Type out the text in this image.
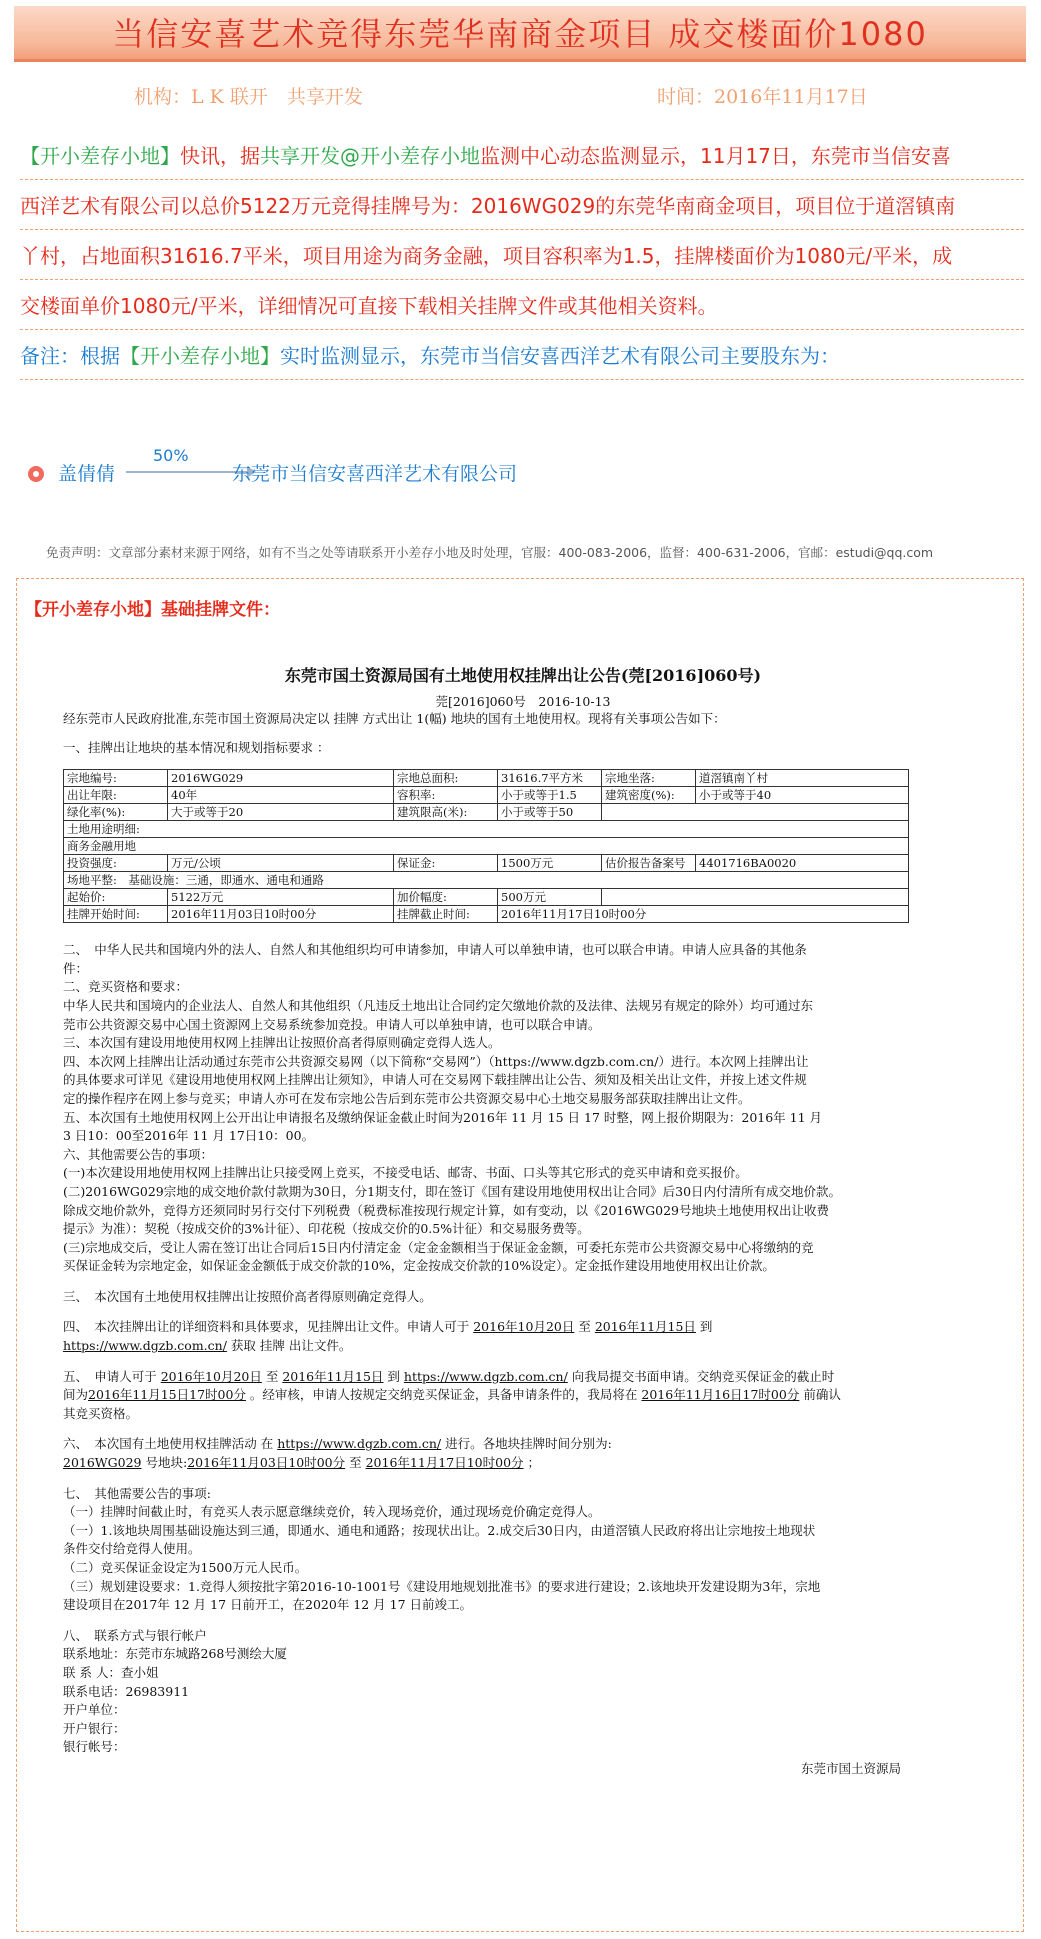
当信安喜艺术竞得东莞华南商金项目 成交楼面价1080
机构：L K 联开　共享开发	时间：2016年11月17日
【开小差存小地】快讯，据共享开发@开小差存小地监测中心动态监测显示，11月17日，东莞市当信安喜
西洋艺术有限公司以总价5122万元竞得挂牌号为：2016WG029的东莞华南商金项目，项目位于道滘镇南
丫村，占地面积31616.7平米，项目用途为商务金融，项目容积率为1.5，挂牌楼面价为1080元/平米，成
交楼面单价1080元/平米，详细情况可直接下载相关挂牌文件或其他相关资料。
备注：根据【开小差存小地】实时监测显示，东莞市当信安喜西洋艺术有限公司主要股东为：
盖倩倩
50%
东莞市当信安喜西洋艺术有限公司
免责声明：文章部分素材来源于网络，如有不当之处等请联系开小差存小地及时处理，官服：400-083-2006，监督：400-631-2006，官邮：estudi@qq.com
【开小差存小地】基础挂牌文件：
东莞市国土资源局国有土地使用权挂牌出让公告(莞[2016]060号)
莞[2016]060号　2016-10-13
经东莞市人民政府批准,东莞市国土资源局决定以 挂牌 方式出让 1(幅) 地块的国有土地使用权。现将有关事项公告如下：
一、挂牌出让地块的基本情况和规划指标要求 ：
宗地编号:	2016WG029	宗地总面积:	31616.7平方米	宗地坐落:	道滘镇南丫村
出让年限:	40年	容积率:	小于或等于1.5	建筑密度(%):	小于或等于40
绿化率(%):	大于或等于20	建筑限高(米):	小于或等于50		
土地用途明细:					
商务金融用地					
投资强度:	万元/公顷	保证金:	1500万元	估价报告备案号	4401716BA0020
场地平整:　基础设施：三通，即通水、通电和通路					
起始价:	5122万元	加价幅度:	500万元		
挂牌开始时间:	2016年11月03日10时00分	挂牌截止时间:	2016年11月17日10时00分		
二、　中华人民共和国境内外的法人、自然人和其他组织均可申请参加，申请人可以单独申请，也可以联合申请。申请人应具备的其他条
件：
二、竞买资格和要求：
中华人民共和国境内的企业法人、自然人和其他组织（凡违反土地出让合同约定欠缴地价款的及法律、法规另有规定的除外）均可通过东
莞市公共资源交易中心国土资源网上交易系统参加竞投。申请人可以单独申请，也可以联合申请。
三、本次国有建设用地使用权网上挂牌出让按照价高者得原则确定竞得人选人。
四、本次网上挂牌出让活动通过东莞市公共资源交易网（以下简称“交易网”）（https://www.dgzb.com.cn/）进行。本次网上挂牌出让
的具体要求可详见《建设用地使用权网上挂牌出让须知》，申请人可在交易网下载挂牌出让公告、须知及相关出让文件，并按上述文件规
定的操作程序在网上参与竞买；申请人亦可在发布宗地公告后到东莞市公共资源交易中心土地交易服务部获取挂牌出让文件。
五、本次国有土地使用权网上公开出让申请报名及缴纳保证金截止时间为2016年 11 月 15 日 17 时整，网上报价期限为：2016年 11 月
3 日10：00至2016年 11 月 17日10：00。
六、其他需要公告的事项：
(一)本次建设用地使用权网上挂牌出让只接受网上竞买，不接受电话、邮寄、书面、口头等其它形式的竞买申请和竞买报价。
(二)2016WG029宗地的成交地价款付款期为30日，分1期支付，即在签订《国有建设用地使用权出让合同》后30日内付清所有成交地价款。
除成交地价款外，竞得方还须同时另行交付下列税费（税费标准按现行规定计算，如有变动，以《2016WG029号地块土地使用权出让收费
提示》为准）：契税（按成交价的3%计征）、印花税（按成交价的0.5%计征）和交易服务费等。
(三)宗地成交后，受让人需在签订出让合同后15日内付清定金（定金金额相当于保证金金额，可委托东莞市公共资源交易中心将缴纳的竞
买保证金转为宗地定金，如保证金金额低于成交价款的10%，定金按成交价款的10%设定）。定金抵作建设用地使用权出让价款。
三、　本次国有土地使用权挂牌出让按照价高者得原则确定竞得人。
四、　本次挂牌出让的详细资料和具体要求，见挂牌出让文件。申请人可于 2016年10月20日 至 2016年11月15日 到
https://www.dgzb.com.cn/ 获取 挂牌 出让文件。
五、　申请人可于 2016年10月20日 至 2016年11月15日 到 https://www.dgzb.com.cn/ 向我局提交书面申请。交纳竞买保证金的截止时
间为2016年11月15日17时00分 。经审核，申请人按规定交纳竞买保证金，具备申请条件的，我局将在 2016年11月16日17时00分 前确认
其竞买资格。
六、　本次国有土地使用权挂牌活动 在 https://www.dgzb.com.cn/ 进行。各地块挂牌时间分别为:
2016WG029 号地块:2016年11月03日10时00分 至 2016年11月17日10时00分 ；
七、　其他需要公告的事项:
（一）挂牌时间截止时，有竞买人表示愿意继续竞价，转入现场竞价，通过现场竞价确定竞得人。
（一）1.该地块周围基础设施达到三通，即通水、通电和通路；按现状出让。2.成交后30日内，由道滘镇人民政府将出让宗地按土地现状
条件交付给竞得人使用。
（二）竞买保证金设定为1500万元人民币。
（三）规划建设要求：1.竞得人须按批字第2016-10-1001号《建设用地规划批准书》的要求进行建设；2.该地块开发建设期为3年，宗地
建设项目在2017年 12 月 17 日前开工，在2020年 12 月 17 日前竣工。
八、　联系方式与银行帐户
联系地址：东莞市东城路268号测绘大厦
联 系 人：查小姐
联系电话：26983911
开户单位：
开户银行：
银行帐号：
东莞市国土资源局
